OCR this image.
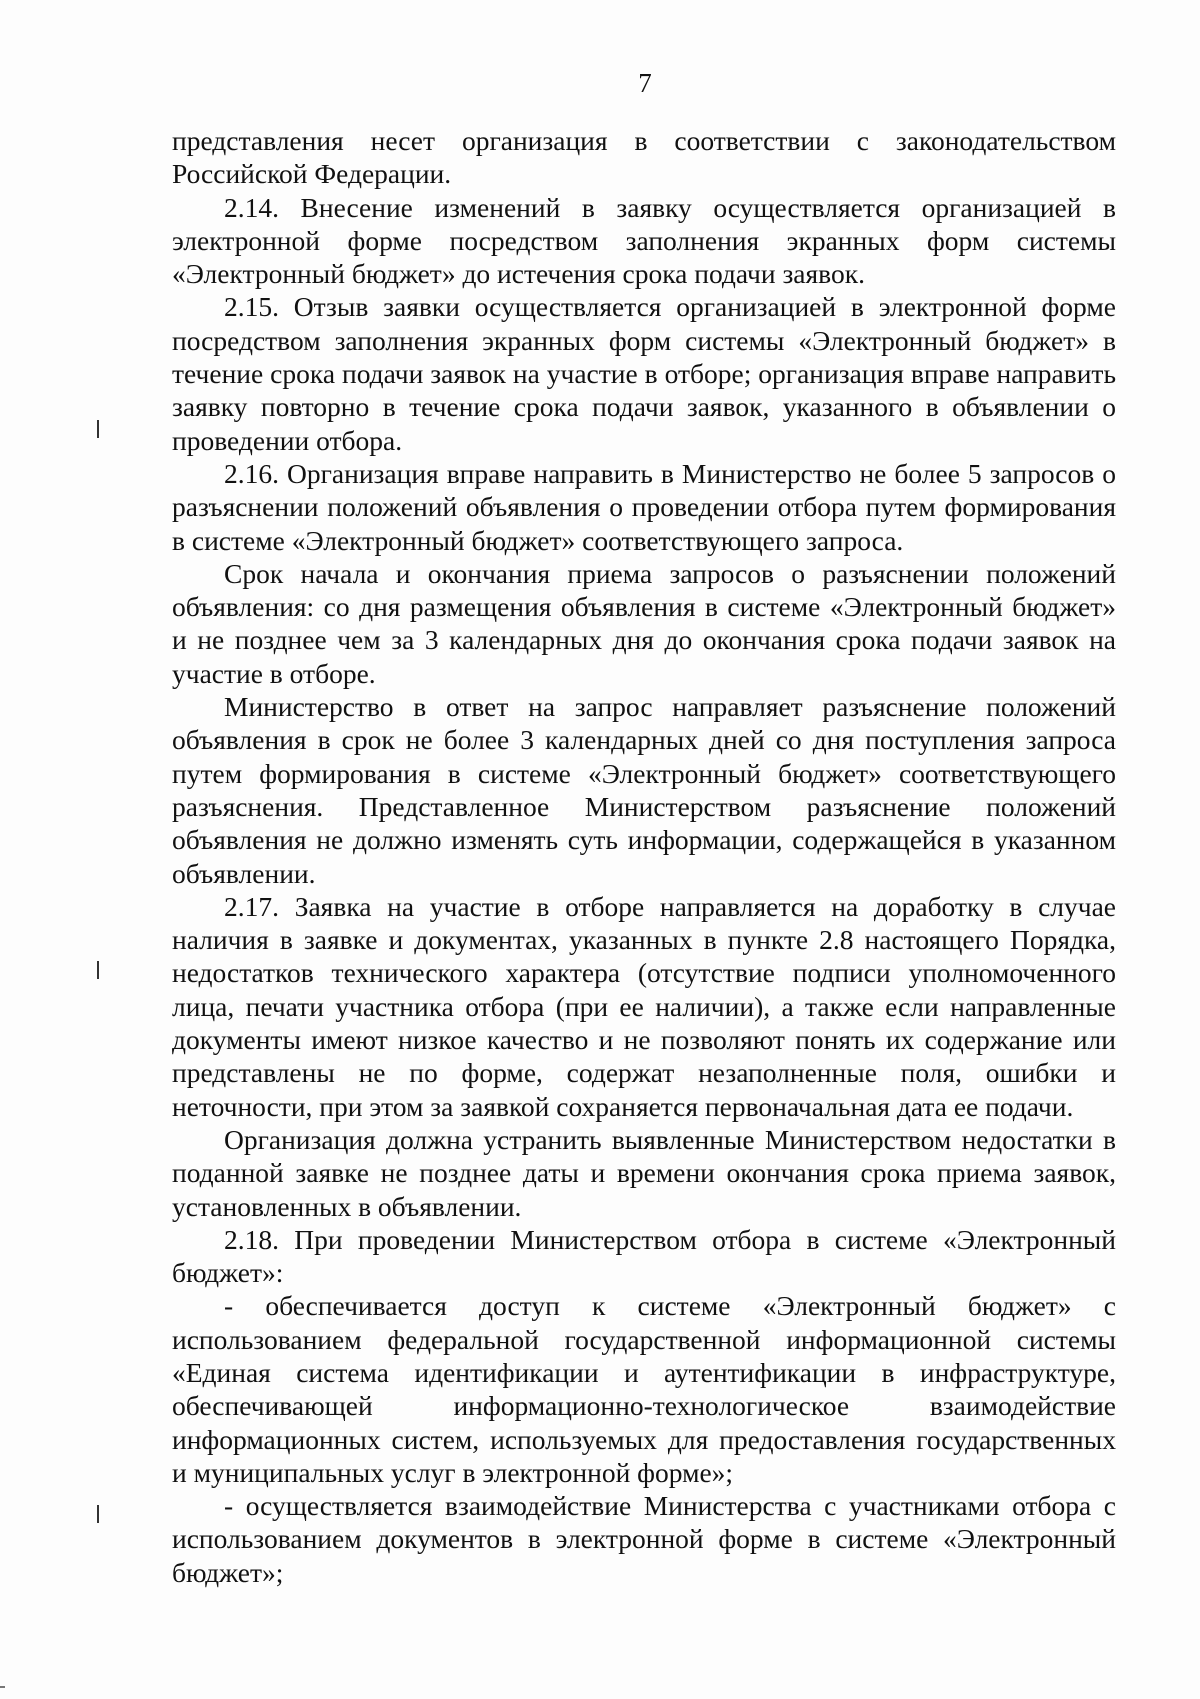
7

представления несет организация в соответствии с законодательством Российской Федерации.

2.14. Внесение изменений в заявку осуществляется организацией в электронной форме посредством заполнения экранных форм системы «Электронный бюджет» до истечения срока подачи заявок.

2.15. Отзыв заявки осуществляется организацией в электронной форме посредством заполнения экранных форм системы «Электронный бюджет» в течение срока подачи заявок на участие в отборе; организация вправе направить заявку повторно в течение срока подачи заявок, указанного в объявлении о проведении отбора.

2.16. Организация вправе направить в Министерство не более 5 запросов о разъяснении положений объявления о проведении отбора путем формирования в системе «Электронный бюджет» соответствующего запроса.

Срок начала и окончания приема запросов о разъяснении положений объявления: со дня размещения объявления в системе «Электронный бюджет» и не позднее чем за 3 календарных дня до окончания срока подачи заявок на участие в отборе.

Министерство в ответ на запрос направляет разъяснение положений объявления в срок не более 3 календарных дней со дня поступления запроса путем формирования в системе «Электронный бюджет» соответствующего разъяснения. Представленное Министерством разъяснение положений объявления не должно изменять суть информации, содержащейся в указанном объявлении.

2.17. Заявка на участие в отборе направляется на доработку в случае наличия в заявке и документах, указанных в пункте 2.8 настоящего Порядка, недостатков технического характера (отсутствие подписи уполномоченного лица, печати участника отбора (при ее наличии), а также если направленные документы имеют низкое качество и не позволяют понять их содержание или представлены не по форме, содержат незаполненные поля, ошибки и неточности, при этом за заявкой сохраняется первоначальная дата ее подачи.

Организация должна устранить выявленные Министерством недостатки в поданной заявке не позднее даты и времени окончания срока приема заявок, установленных в объявлении.

2.18. При проведении Министерством отбора в системе «Электронный бюджет»:

- обеспечивается доступ к системе «Электронный бюджет» с использованием федеральной государственной информационной системы «Единая система идентификации и аутентификации в инфраструктуре, обеспечивающей информационно-технологическое взаимодействие информационных систем, используемых для предоставления государственных и муниципальных услуг в электронной форме»;

- осуществляется взаимодействие Министерства с участниками отбора с использованием документов в электронной форме в системе «Электронный бюджет»;
